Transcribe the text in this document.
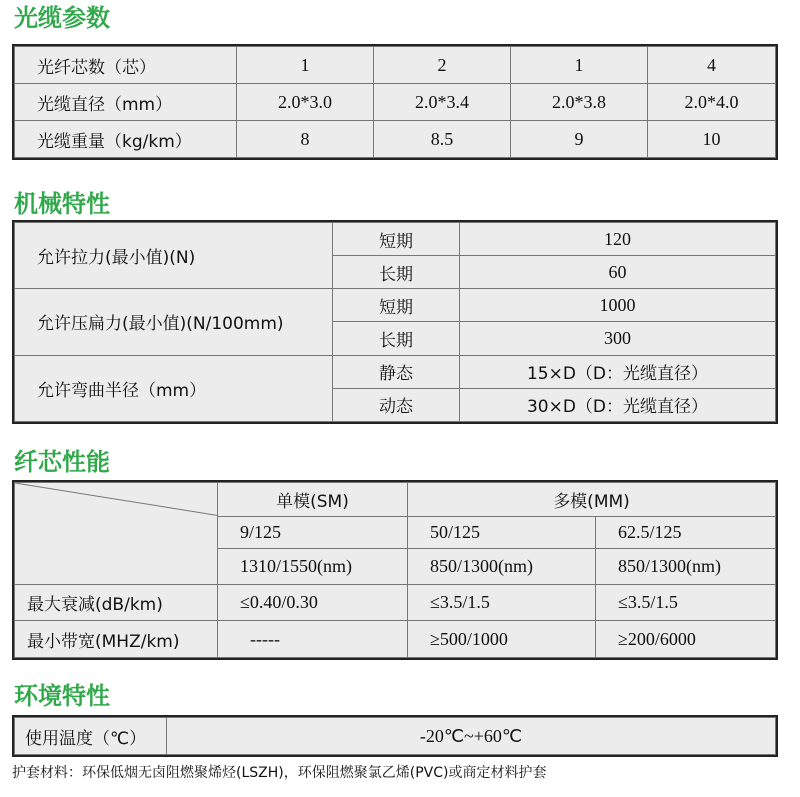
光缆参数
光纤芯数（芯）	1	2	1	4
光缆直径（mm）	2.0*3.0	2.0*3.4	2.0*3.8	2.0*4.0
光缆重量（kg/km）	8	8.5	9	10
机械特性
允许拉力(最小值)(N)	短期	120
	长期	60
允许压扁力(最小值)(N/100mm)	短期	1000
	长期	300
允许弯曲半径（mm）	静态	15×D（D：光缆直径）
	动态	30×D（D：光缆直径）
纤芯性能
	单模(SM)	多模(MM)	
	9/125	50/125	62.5/125
	1310/1550(nm)	850/1300(nm)	850/1300(nm)
最大衰减(dB/km)	≤0.40/0.30	≤3.5/1.5	≤3.5/1.5
最小带宽(MHZ/km)	-----	≥500/1000	≥200/6000
环境特性
使用温度（℃）	-20℃~+60℃
护套材料：环保低烟无卤阻燃聚烯烃(LSZH)，环保阻燃聚氯乙烯(PVC)或商定材料护套
